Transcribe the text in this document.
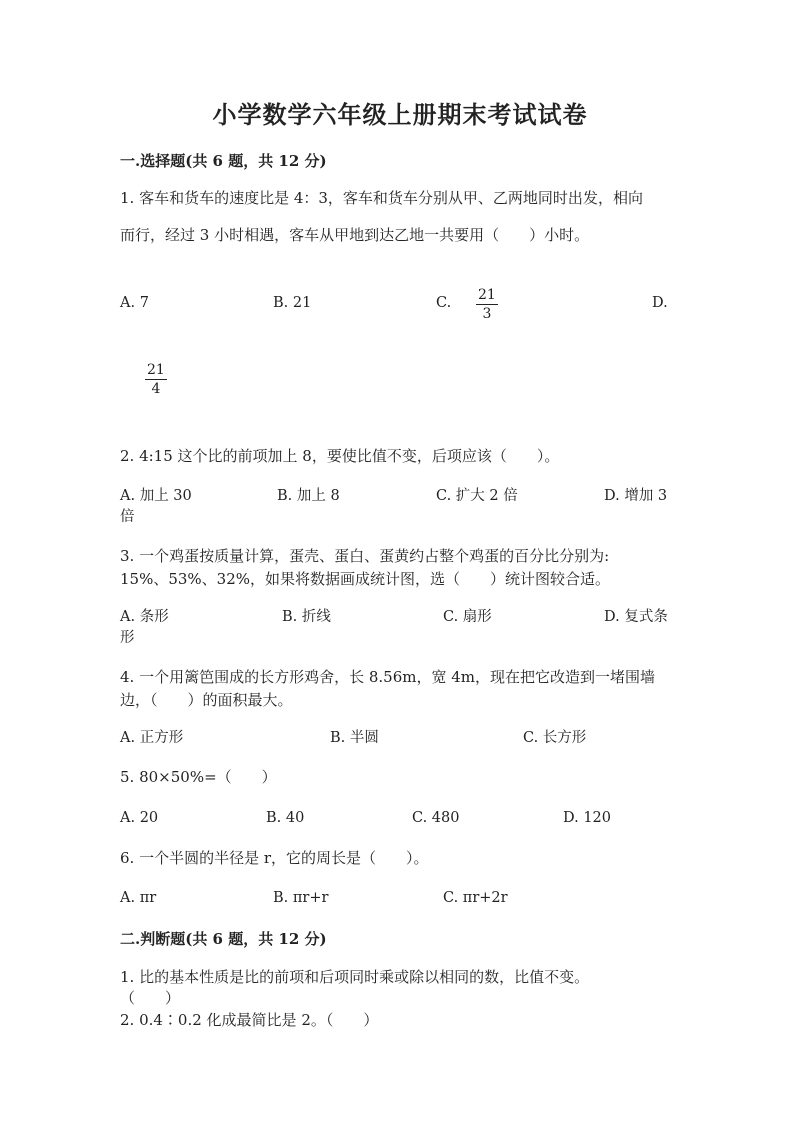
小学数学六年级上册期末考试试卷
一.选择题(共 6 题，共 12 分)
1. 客车和货车的速度比是 4：3，客车和货车分别从甲、乙两地同时出发，相向
而行，经过 3 小时相遇，客车从甲地到达乙地一共要用（　　）小时。
A. 7	B. 21	C. $\frac{21}{3}$	D.
$\frac{21}{4}$
2. 4:15 这个比的前项加上 8，要使比值不变，后项应该（　　）。
A. 加上 30	B. 加上 8	C. 扩大 2 倍	D. 增加 3
倍
3. 一个鸡蛋按质量计算，蛋壳、蛋白、蛋黄约占整个鸡蛋的百分比分别为:
15%、53%、32%，如果将数据画成统计图，选（　　）统计图较合适。
A. 条形	B. 折线	C. 扇形	D. 复式条
形
4. 一个用篱笆围成的长方形鸡舍，长 8.56m，宽 4m，现在把它改造到一堵围墙
边，（　　）的面积最大。
A. 正方形	B. 半圆	C. 长方形
5. 80×50%=（　　）
A. 20	B. 40	C. 480	D. 120
6. 一个半圆的半径是 r，它的周长是（　　）。
A. πr	B. πr+r	C. πr+2r
二.判断题(共 6 题，共 12 分)
1. 比的基本性质是比的前项和后项同时乘或除以相同的数，比值不变。
（　　）
2. 0.4∶0.2 化成最简比是 2。（　　）
